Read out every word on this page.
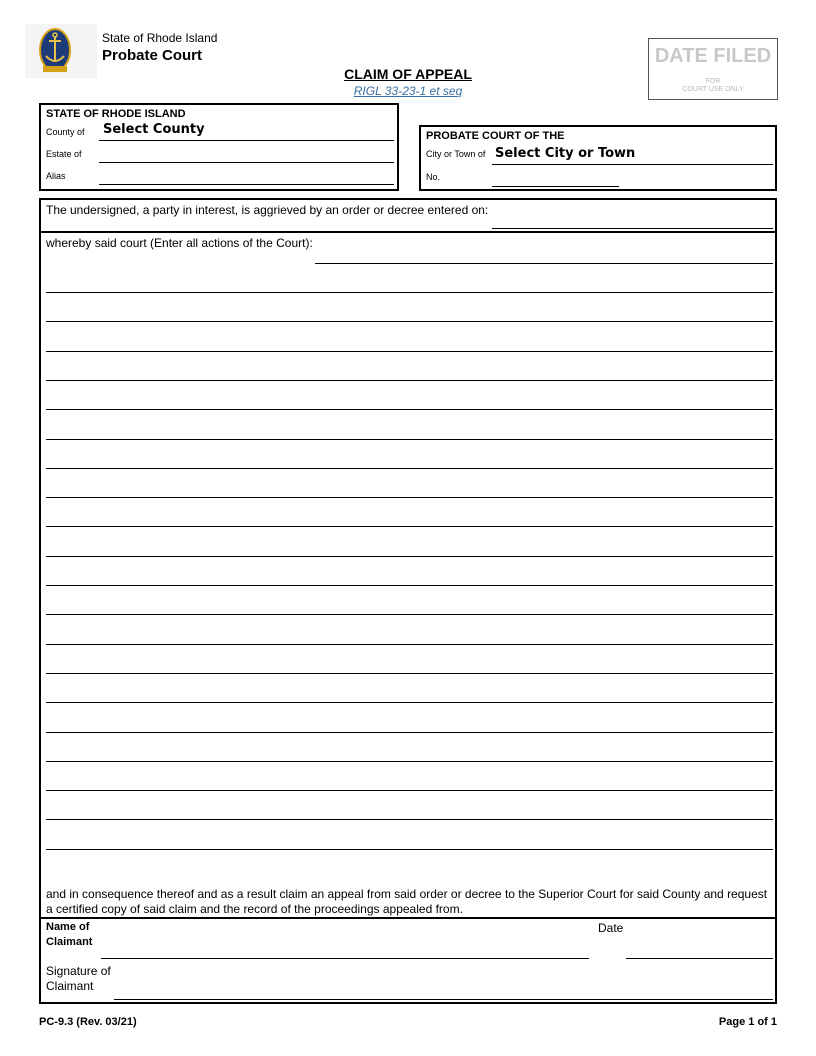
State of Rhode Island
Probate Court
CLAIM OF APPEAL
RIGL 33-23-1 et seq
DATE FILED
FOR
COURT USE ONLY
STATE OF RHODE ISLAND
County of Select County
Estate of
Alias
PROBATE COURT OF THE
City or Town of Select City or Town
No.
The undersigned, a party in interest, is aggrieved by an order or decree entered on:
whereby said court (Enter all actions of the Court):
and in consequence thereof and as a result claim an appeal from said order or decree to the Superior Court for said County and request
a certified copy of said claim and the record of the proceedings appealed from.
Name of
Claimant
Date
Signature of
Claimant
PC-9.3 (Rev. 03/21)	Page 1 of 1
